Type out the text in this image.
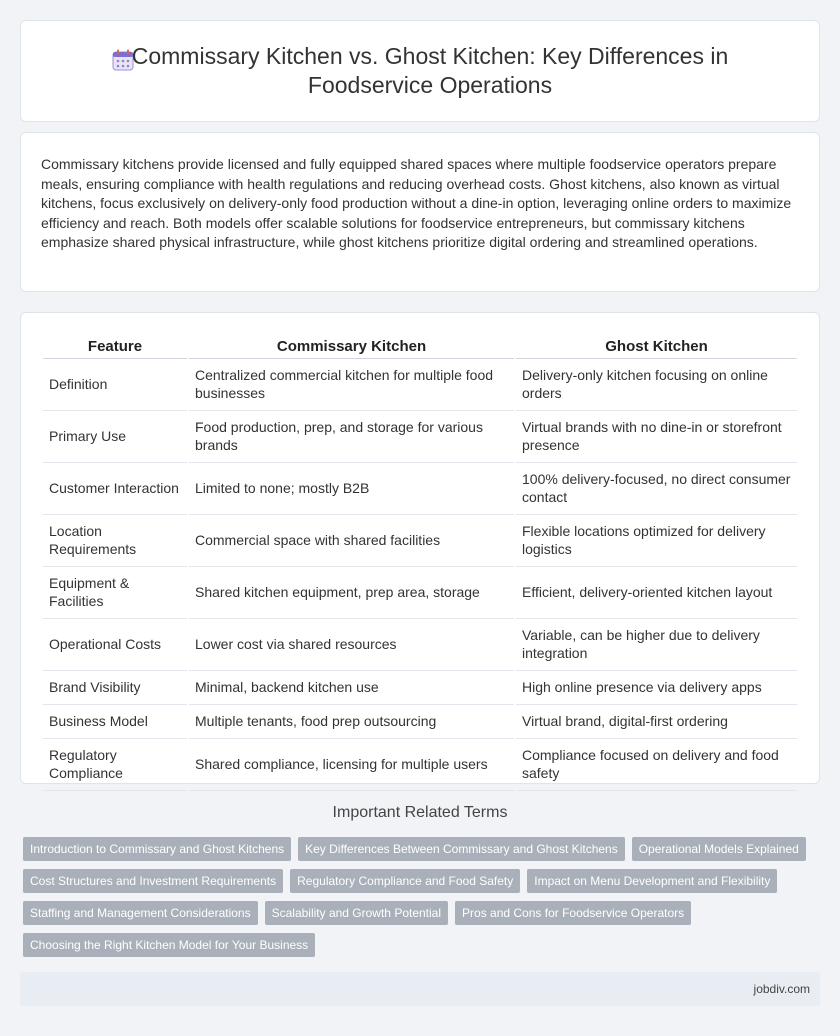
Commissary Kitchen vs. Ghost Kitchen: Key Differences in Foodservice Operations

Commissary kitchens provide licensed and fully equipped shared spaces where multiple foodservice operators prepare meals, ensuring compliance with health regulations and reducing overhead costs. Ghost kitchens, also known as virtual kitchens, focus exclusively on delivery-only food production without a dine-in option, leveraging online orders to maximize efficiency and reach. Both models offer scalable solutions for foodservice entrepreneurs, but commissary kitchens emphasize shared physical infrastructure, while ghost kitchens prioritize digital ordering and streamlined operations.

Feature	Commissary Kitchen	Ghost Kitchen
Definition	Centralized commercial kitchen for multiple food businesses	Delivery-only kitchen focusing on online orders
Primary Use	Food production, prep, and storage for various brands	Virtual brands with no dine-in or storefront presence
Customer Interaction	Limited to none; mostly B2B	100% delivery-focused, no direct consumer contact
Location Requirements	Commercial space with shared facilities	Flexible locations optimized for delivery logistics
Equipment & Facilities	Shared kitchen equipment, prep area, storage	Efficient, delivery-oriented kitchen layout
Operational Costs	Lower cost via shared resources	Variable, can be higher due to delivery integration
Brand Visibility	Minimal, backend kitchen use	High online presence via delivery apps
Business Model	Multiple tenants, food prep outsourcing	Virtual brand, digital-first ordering
Regulatory Compliance	Shared compliance, licensing for multiple users	Compliance focused on delivery and food safety
Important Related Terms
Introduction to Commissary and Ghost Kitchens	Key Differences Between Commissary and Ghost Kitchens	Operational Models Explained
Cost Structures and Investment Requirements	Regulatory Compliance and Food Safety	Impact on Menu Development and Flexibility
Staffing and Management Considerations	Scalability and Growth Potential	Pros and Cons for Foodservice Operators
Choosing the Right Kitchen Model for Your Business
jobdiv.com
